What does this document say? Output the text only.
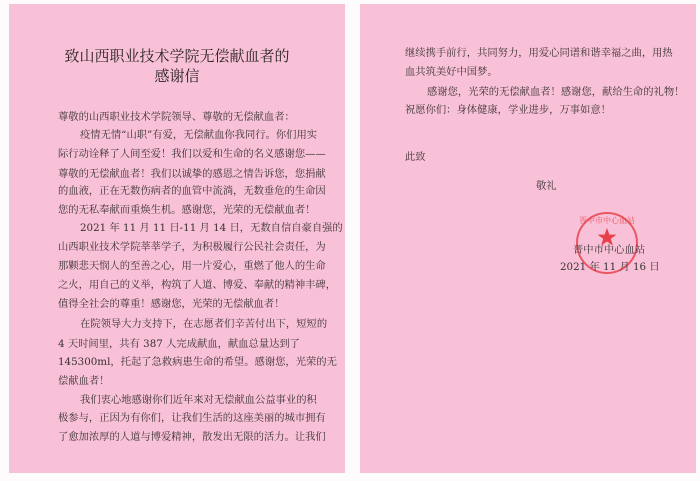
致山西职业技术学院无偿献血者的
感谢信
尊敬的山西职业技术学院领导、尊敬的无偿献血者：
疫情无情“山职”有爱，无偿献血你我同行。你们用实
际行动诠释了人间至爱！我们以爱和生命的名义感谢您——
尊敬的无偿献血者！我们以诚挚的感恩之情告诉您，您捐献
的血液，正在无数伤病者的血管中流淌，无数垂危的生命因
您的无私奉献而重焕生机。感谢您，光荣的无偿献血者！
2021 年 11 月 11 日-11 月 14 日，无数自信自豪自强的
山西职业技术学院莘莘学子，为积极履行公民社会责任，为
那颗悲天悯人的至善之心，用一片爱心，重燃了他人的生命
之火，用自己的义举，构筑了人道、博爱、奉献的精神丰碑，
值得全社会的尊重！感谢您，光荣的无偿献血者！
在院领导大力支持下，在志愿者们辛苦付出下，短短的
4 天时间里，共有 387 人完成献血，献血总量达到了
145300ml，托起了急救病患生命的希望。感谢您，光荣的无
偿献血者！
我们衷心地感谢你们近年来对无偿献血公益事业的积
极参与，正因为有你们，让我们生活的这座美丽的城市拥有
了愈加浓厚的人道与博爱精神，散发出无限的活力。让我们
继续携手前行，共同努力，用爱心同谱和谐幸福之曲，用热
血共筑美好中国梦。
感谢您，光荣的无偿献血者！感谢您，献给生命的礼物！
祝愿你们：身体健康，学业进步，万事如意！
此致
敬礼
晋中市中心血站
晋中市中心血站
2021 年 11 月 16 日
